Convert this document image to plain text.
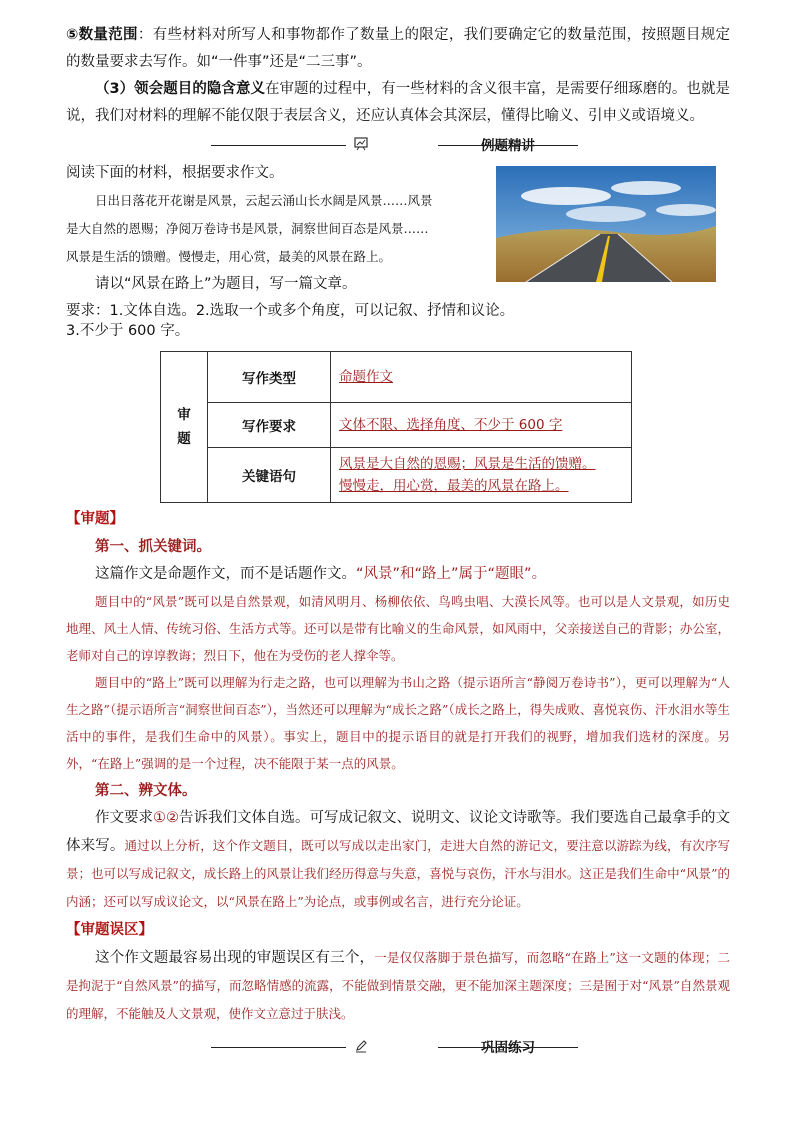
⑤数量范围：有些材料对所写人和事物都作了数量上的限定，我们要确定它的数量范围，按照题目规定的数量要求去写作。如“一件事”还是“二三事”。

（3）领会题目的隐含意义在审题的过程中，有一些材料的含义很丰富，是需要仔细琢磨的。也就是说，我们对材料的理解不能仅限于表层含义，还应认真体会其深层，懂得比喻义、引申义或语境义。

例题精讲

阅读下面的材料，根据要求作文。

日出日落花开花谢是风景，云起云涌山长水阔是风景……风景

是大自然的恩赐；净阅万卷诗书是风景，洞察世间百态是风景……

风景是生活的馈赠。慢慢走，用心赏，最美的风景在路上。

请以“风景在路上”为题目，写一篇文章。

要求：1.文体自选。2.选取一个或多个角度，可以记叙、抒情和议论。

3.不少于 600 字。

审题	写作类型	命题作文
	写作要求	文体不限、选择角度、不少于 600 字
	关键语句	风景是大自然的恩赐；风景是生活的馈赠。
慢慢走，用心赏，最美的风景在路上。

【审题】

第一、抓关键词。

这篇作文是命题作文，而不是话题作文。“风景”和“路上”属于“题眼”。

题目中的“风景”既可以是自然景观，如清风明月、杨柳依依、鸟鸣虫唱、大漠长风等。也可以是人文景观，如历史地理、风土人情、传统习俗、生活方式等。还可以是带有比喻义的生命风景，如风雨中，父亲接送自己的背影；办公室，老师对自己的谆谆教诲；烈日下，他在为受伤的老人撑伞等。

题目中的“路上”既可以理解为行走之路，也可以理解为书山之路（提示语所言“静阅万卷诗书”），更可以理解为“人生之路”（提示语所言“洞察世间百态”），当然还可以理解为“成长之路”（成长之路上，得失成败、喜悦哀伤、汗水泪水等生活中的事件，是我们生命中的风景）。事实上，题目中的提示语目的就是打开我们的视野，增加我们选材的深度。另外，“在路上”强调的是一个过程，决不能限于某一点的风景。

第二、辨文体。

作文要求①②告诉我们文体自选。可写成记叙文、说明文、议论文诗歌等。我们要选自己最拿手的文体来写。通过以上分析，这个作文题目，既可以写成以走出家门，走进大自然的游记文，要注意以游踪为线，有次序写景；也可以写成记叙文，成长路上的风景让我们经历得意与失意，喜悦与哀伤，汗水与泪水。这正是我们生命中“风景”的内涵；还可以写成议论文，以“风景在路上”为论点，或事例或名言，进行充分论证。

【审题误区】

这个作文题最容易出现的审题误区有三个，一是仅仅落脚于景色描写，而忽略“在路上”这一文题的体现；二是拘泥于“自然风景”的描写，而忽略情感的流露，不能做到情景交融，更不能加深主题深度；三是囿于对“风景”自然景观的理解，不能触及人文景观，使作文立意过于肤浅。

巩固练习
